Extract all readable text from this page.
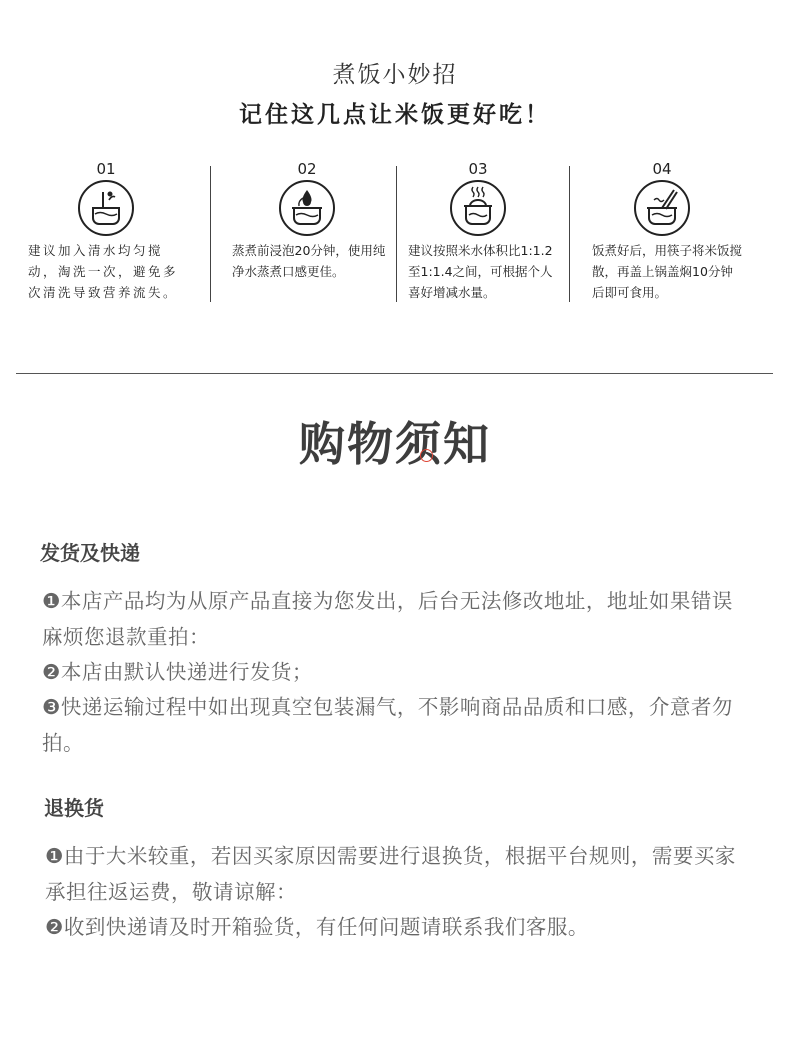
煮饭小妙招
记住这几点让米饭更好吃！
01
建议加入清水均匀搅动，淘洗一次，避免多次清洗导致营养流失。
02
蒸煮前浸泡20分钟，使用纯净水蒸煮口感更佳。
03
建议按照米水体积比1:1.2至1:1.4之间，可根据个人喜好增减水量。
04
饭煮好后，用筷子将米饭搅散，再盖上锅盖焖10分钟后即可食用。
购物须知
发货及快递
❶本店产品均为从原产品直接为您发出，后台无法修改地址，地址如果错误麻烦您退款重拍：
❷本店由默认快递进行发货；
❸快递运输过程中如出现真空包装漏气，不影响商品品质和口感，介意者勿拍。
退换货
❶由于大米较重，若因买家原因需要进行退换货，根据平台规则，需要买家承担往返运费，敬请谅解：
❷收到快递请及时开箱验货，有任何问题请联系我们客服。
